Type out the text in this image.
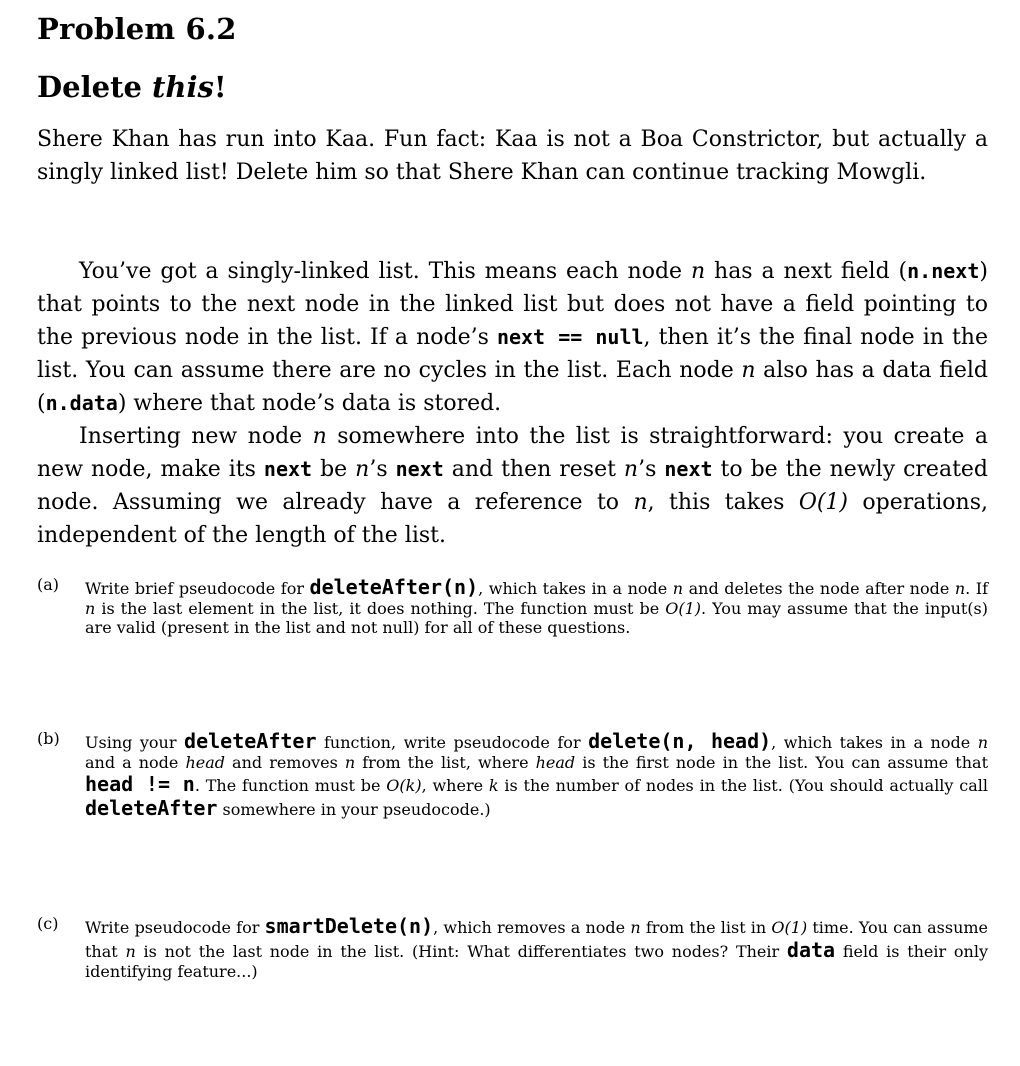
Problem 6.2
Delete this!

Shere Khan has run into Kaa. Fun fact: Kaa is not a Boa Constrictor, but actually a singly linked list! Delete him so that Shere Khan can continue tracking Mowgli.

You’ve got a singly-linked list. This means each node n has a next field (n.next) that points to the next node in the linked list but does not have a field pointing to the previous node in the list. If a node’s next == null, then it’s the final node in the list. You can assume there are no cycles in the list. Each node n also has a data field (n.data) where that node’s data is stored.

Inserting new node n somewhere into the list is straightforward: you create a new node, make its next be n’s next and then reset n’s next to be the newly created node. Assuming we already have a reference to n, this takes O(1) operations, independent of the length of the list.

(a)	Write brief pseudocode for deleteAfter(n), which takes in a node n and deletes the node after node n. If n is the last element in the list, it does nothing. The function must be O(1). You may assume that the input(s) are valid (present in the list and not null) for all of these questions.
(b)	Using your deleteAfter function, write pseudocode for delete(n, head), which takes in a node n and a node head and removes n from the list, where head is the first node in the list. You can assume that head != n. The function must be O(k), where k is the number of nodes in the list. (You should actually call deleteAfter somewhere in your pseudocode.)
(c)	Write pseudocode for smartDelete(n), which removes a node n from the list in O(1) time. You can assume that n is not the last node in the list. (Hint: What differentiates two nodes? Their data field is their only identifying feature...)
